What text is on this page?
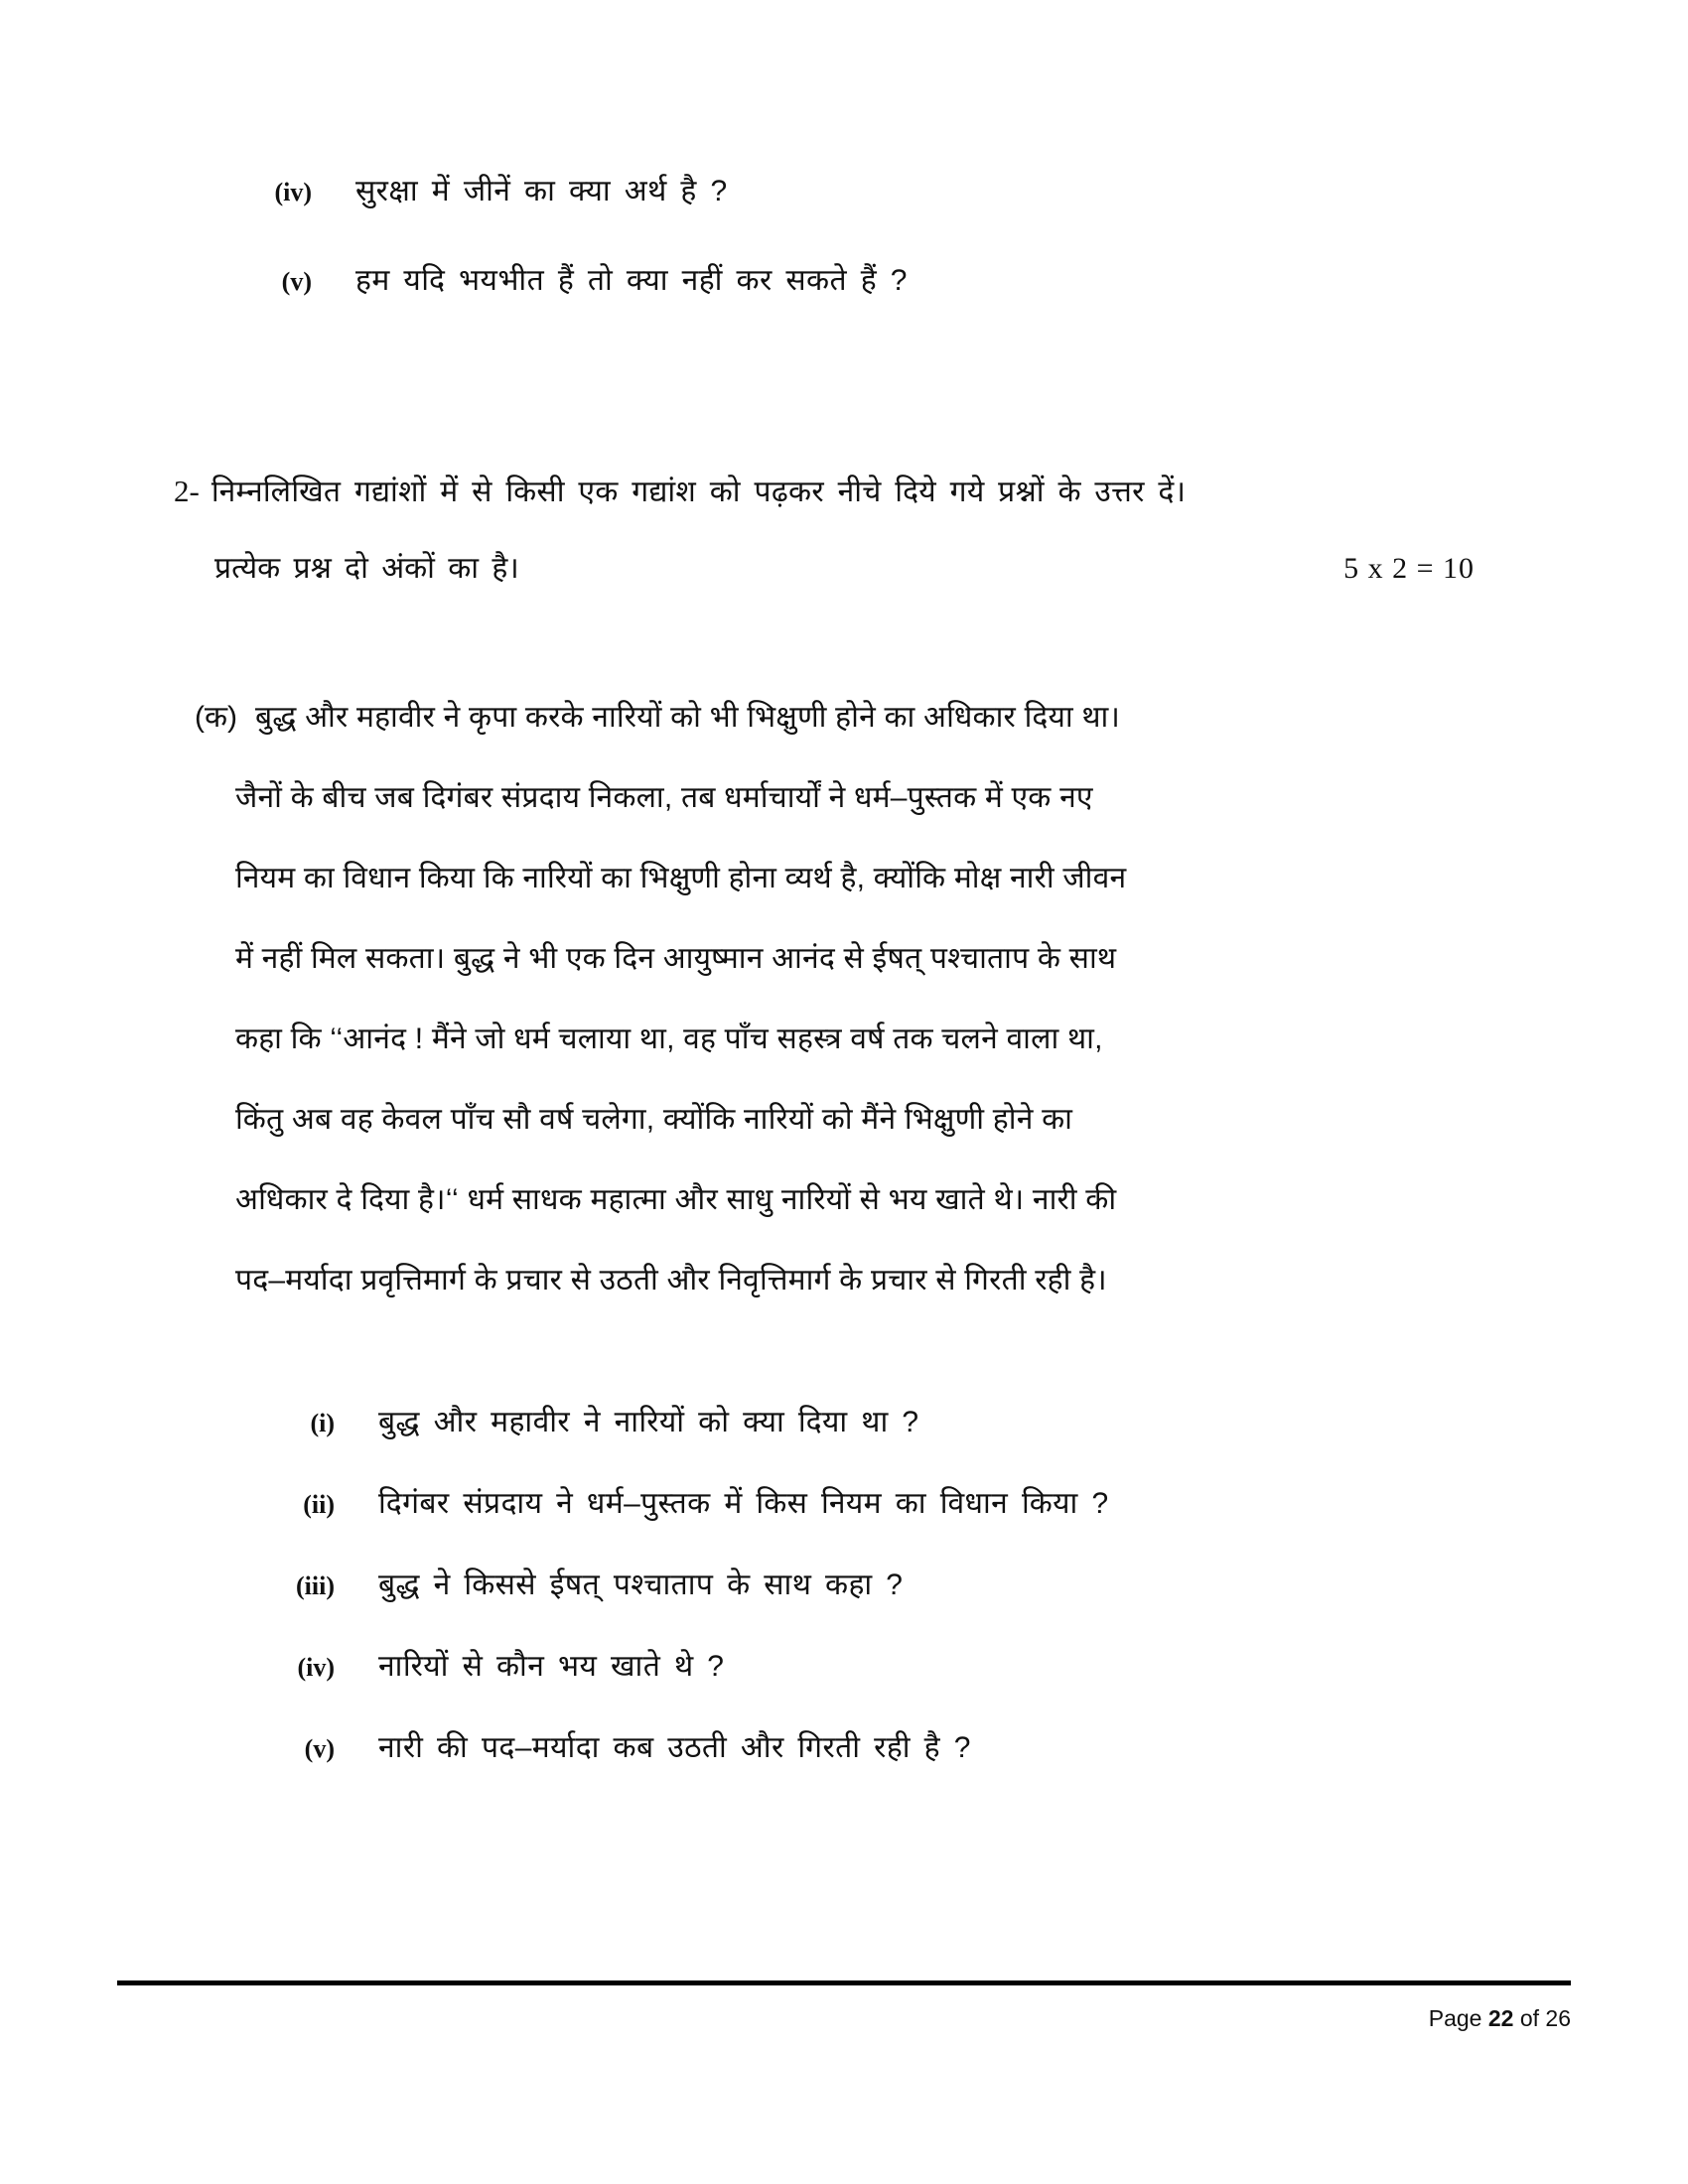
(iv) सुरक्षा में जीनें का क्या अर्थ है ?
(v) हम यदि भयभीत हैं तो क्या नहीं कर सकते हैं ?
2- निम्नलिखित गद्यांशों में से किसी एक गद्यांश को पढ़कर नीचे दिये गये प्रश्नों के उत्तर दें।
प्रत्येक प्रश्न दो अंकों का है।	5 x 2 = 10
(क) बुद्ध और महावीर ने कृपा करके नारियों को भी भिक्षुणी होने का अधिकार दिया था।
जैनों के बीच जब दिगंबर संप्रदाय निकला, तब धर्माचार्यों ने धर्म–पुस्तक में एक नए
नियम का विधान किया कि नारियों का भिक्षुणी होना व्यर्थ है, क्योंकि मोक्ष नारी जीवन
में नहीं मिल सकता। बुद्ध ने भी एक दिन आयुष्मान आनंद से ईषत् पश्चाताप के साथ
कहा कि ‘‘आनंद ! मैंने जो धर्म चलाया था, वह पाँच सहस्त्र वर्ष तक चलने वाला था,
किंतु अब वह केवल पाँच सौ वर्ष चलेगा, क्योंकि नारियों को मैंने भिक्षुणी होने का
अधिकार दे दिया है।‘‘ धर्म साधक महात्मा और साधु नारियों से भय खाते थे। नारी की
पद–मर्यादा प्रवृत्तिमार्ग के प्रचार से उठती और निवृत्तिमार्ग के प्रचार से गिरती रही है।
(i) बुद्ध और महावीर ने नारियों को क्या दिया था ?
(ii) दिगंबर संप्रदाय ने धर्म–पुस्तक में किस नियम का विधान किया ?
(iii) बुद्ध ने किससे ईषत् पश्चाताप के साथ कहा ?
(iv) नारियों से कौन भय खाते थे ?
(v) नारी की पद–मर्यादा कब उठती और गिरती रही है ?
Page 22 of 26
